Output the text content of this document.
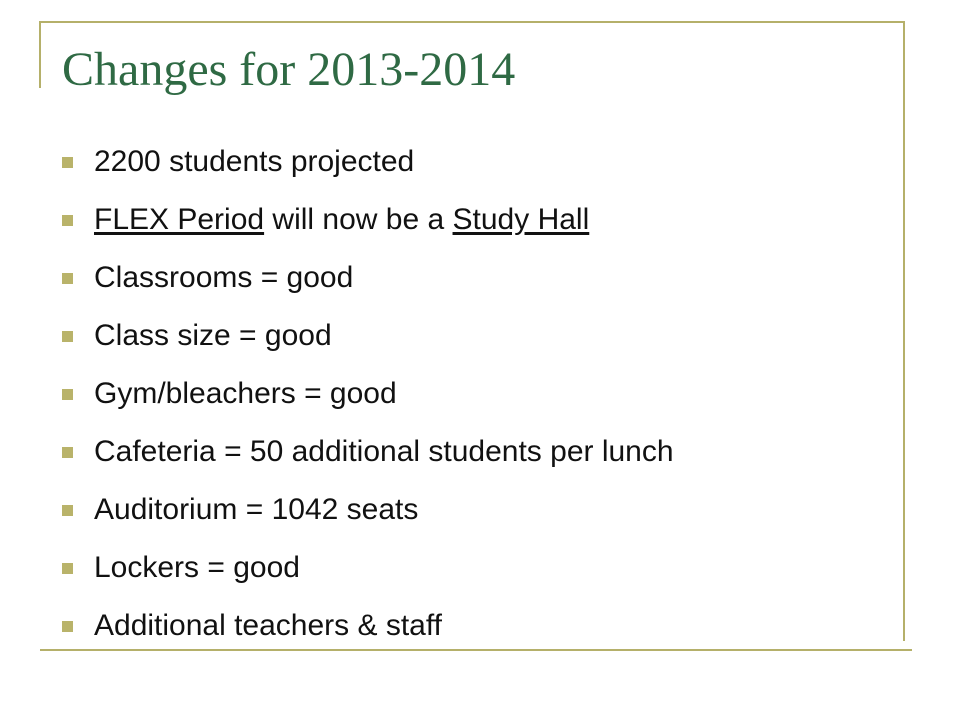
Changes for 2013-2014
2200 students projected
FLEX Period will now be a Study Hall
Classrooms = good
Class size = good
Gym/bleachers = good
Cafeteria = 50 additional students per lunch
Auditorium = 1042 seats
Lockers = good
Additional teachers & staff
